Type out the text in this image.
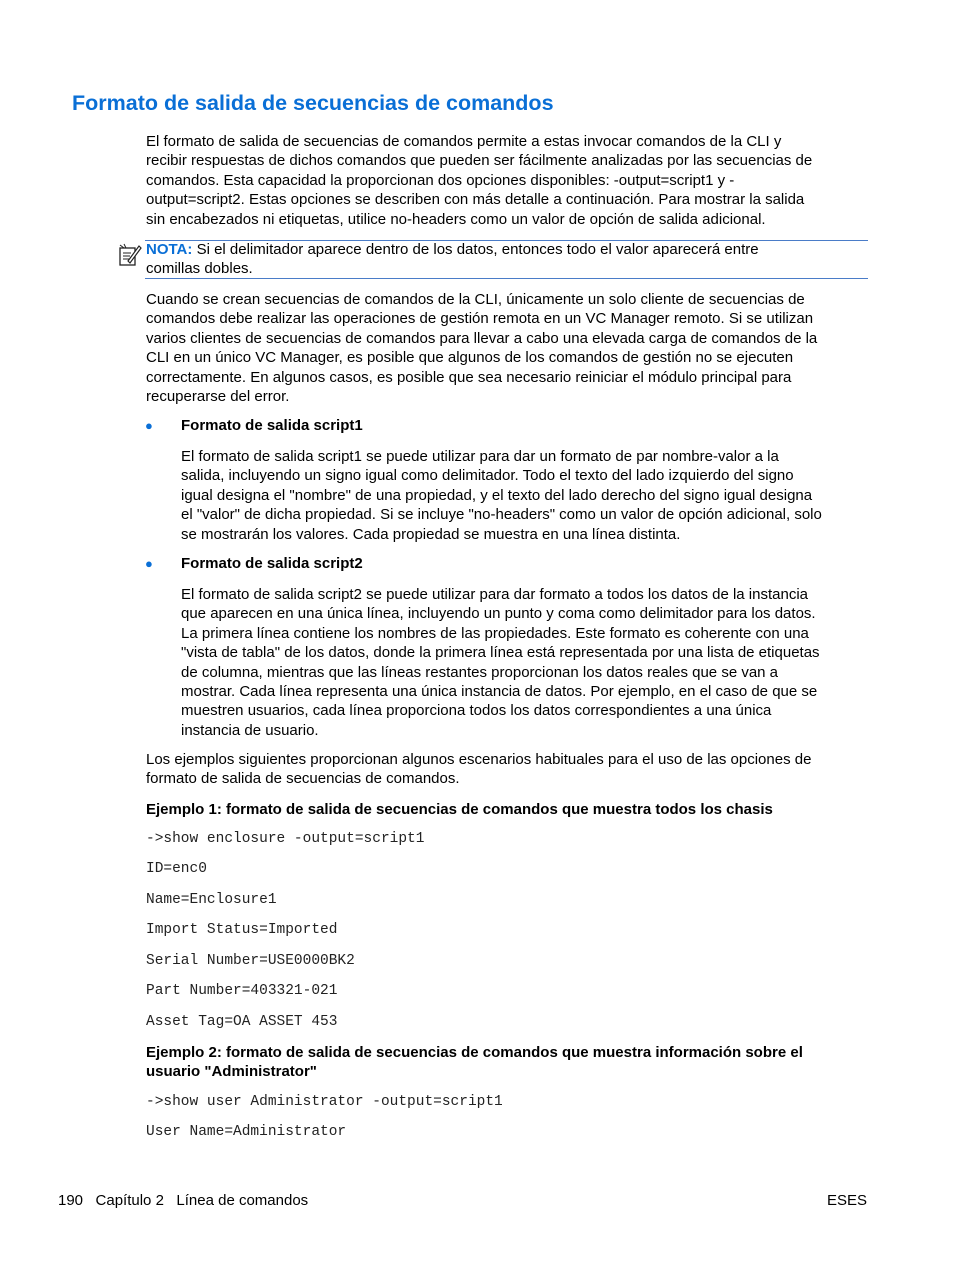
Formato de salida de secuencias de comandos

El formato de salida de secuencias de comandos permite a estas invocar comandos de la CLI y
recibir respuestas de dichos comandos que pueden ser fácilmente analizadas por las secuencias de
comandos. Esta capacidad la proporcionan dos opciones disponibles: -output=script1 y -
output=script2. Estas opciones se describen con más detalle a continuación. Para mostrar la salida
sin encabezados ni etiquetas, utilice no-headers como un valor de opción de salida adicional.

NOTA: Si el delimitador aparece dentro de los datos, entonces todo el valor aparecerá entre
comillas dobles.

Cuando se crean secuencias de comandos de la CLI, únicamente un solo cliente de secuencias de
comandos debe realizar las operaciones de gestión remota en un VC Manager remoto. Si se utilizan
varios clientes de secuencias de comandos para llevar a cabo una elevada carga de comandos de la
CLI en un único VC Manager, es posible que algunos de los comandos de gestión no se ejecuten
correctamente. En algunos casos, es posible que sea necesario reiniciar el módulo principal para
recuperarse del error.

● Formato de salida script1

El formato de salida script1 se puede utilizar para dar un formato de par nombre-valor a la
salida, incluyendo un signo igual como delimitador. Todo el texto del lado izquierdo del signo
igual designa el "nombre" de una propiedad, y el texto del lado derecho del signo igual designa
el "valor" de dicha propiedad. Si se incluye "no-headers" como un valor de opción adicional, solo
se mostrarán los valores. Cada propiedad se muestra en una línea distinta.

● Formato de salida script2

El formato de salida script2 se puede utilizar para dar formato a todos los datos de la instancia
que aparecen en una única línea, incluyendo un punto y coma como delimitador para los datos.
La primera línea contiene los nombres de las propiedades. Este formato es coherente con una
"vista de tabla" de los datos, donde la primera línea está representada por una lista de etiquetas
de columna, mientras que las líneas restantes proporcionan los datos reales que se van a
mostrar. Cada línea representa una única instancia de datos. Por ejemplo, en el caso de que se
muestren usuarios, cada línea proporciona todos los datos correspondientes a una única
instancia de usuario.

Los ejemplos siguientes proporcionan algunos escenarios habituales para el uso de las opciones de
formato de salida de secuencias de comandos.

Ejemplo 1: formato de salida de secuencias de comandos que muestra todos los chasis
->show enclosure -output=script1
ID=enc0
Name=Enclosure1
Import Status=Imported
Serial Number=USE0000BK2
Part Number=403321-021
Asset Tag=OA ASSET 453
Ejemplo 2: formato de salida de secuencias de comandos que muestra información sobre el
usuario "Administrator"
->show user Administrator -output=script1
User Name=Administrator
190   Capítulo 2   Línea de comandos	ESES
